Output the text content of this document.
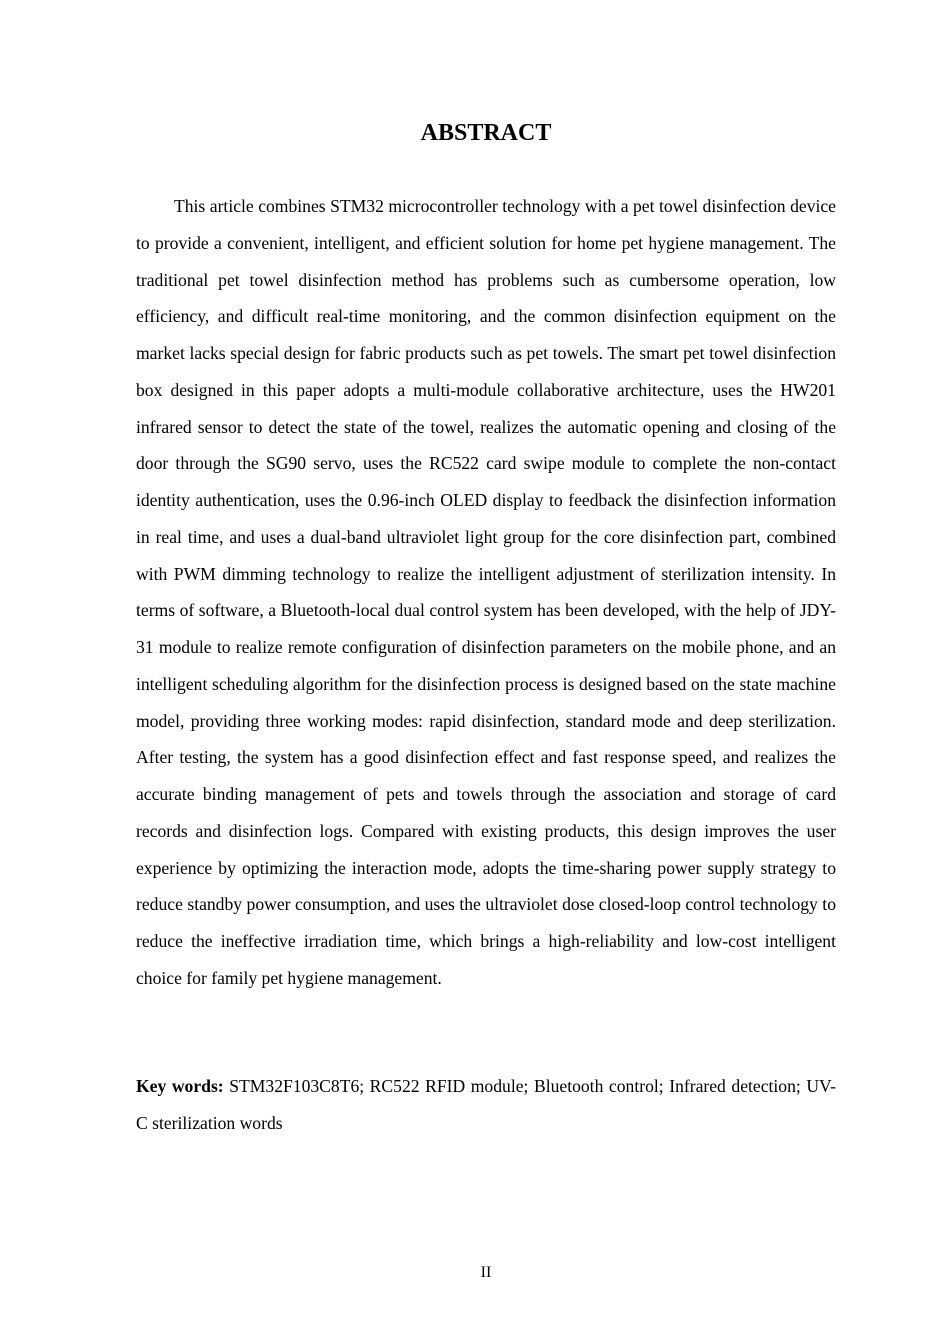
ABSTRACT

This article combines STM32 microcontroller technology with a pet towel disinfection device to provide a convenient, intelligent, and efficient solution for home pet hygiene management. The traditional pet towel disinfection method has problems such as cumbersome operation, low efficiency, and difficult real-time monitoring, and the common disinfection equipment on the market lacks special design for fabric products such as pet towels. The smart pet towel disinfection box designed in this paper adopts a multi-module collaborative architecture, uses the HW201 infrared sensor to detect the state of the towel, realizes the automatic opening and closing of the door through the SG90 servo, uses the RC522 card swipe module to complete the non-contact identity authentication, uses the 0.96-inch OLED display to feedback the disinfection information in real time, and uses a dual-band ultraviolet light group for the core disinfection part, combined with PWM dimming technology to realize the intelligent adjustment of sterilization intensity. In terms of software, a Bluetooth-local dual control system has been developed, with the help of JDY-31 module to realize remote configuration of disinfection parameters on the mobile phone, and an intelligent scheduling algorithm for the disinfection process is designed based on the state machine model, providing three working modes: rapid disinfection, standard mode and deep sterilization. After testing, the system has a good disinfection effect and fast response speed, and realizes the accurate binding management of pets and towels through the association and storage of card records and disinfection logs. Compared with existing products, this design improves the user experience by optimizing the interaction mode, adopts the time-sharing power supply strategy to reduce standby power consumption, and uses the ultraviolet dose closed-loop control technology to reduce the ineffective irradiation time, which brings a high-reliability and low-cost intelligent choice for family pet hygiene management.

Key words: STM32F103C8T6; RC522 RFID module; Bluetooth control; Infrared detection; UV-C sterilization words

II
